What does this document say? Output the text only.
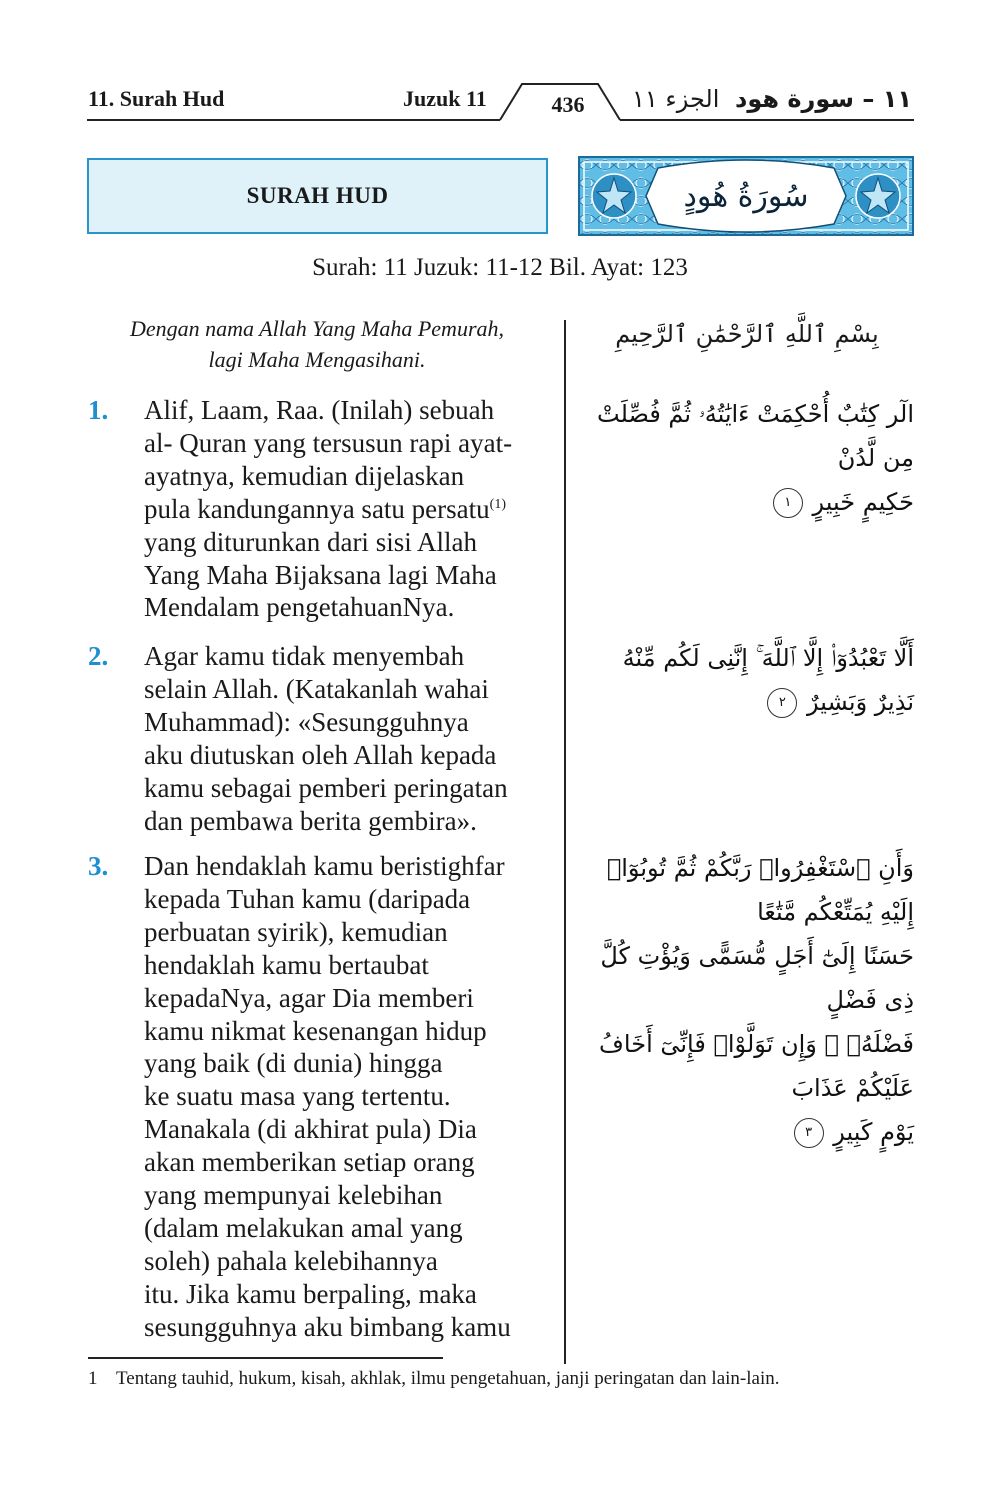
11. Surah Hud	Juzuk 11	436	الجزء ١١ ١١ – سورة هود
SURAH HUD	سُورَةُ هُودٍ
Surah: 11 Juzuk: 11-12 Bil. Ayat: 123
Dengan nama Allah Yang Maha Pemurah,
lagi Maha Mengasihani.
بِسْمِ ٱللَّهِ ٱلرَّحْمَٰنِ ٱلرَّحِيمِ
1. Alif, Laam, Raa. (Inilah) sebuah
al- Quran yang tersusun rapi ayat-
ayatnya, kemudian dijelaskan
pula kandungannya satu persatu$^{(1)}$
yang diturunkan dari sisi Allah
Yang Maha Bijaksana lagi Maha
Mendalam pengetahuanNya.
الٓر كِتَٰبٌ أُحْكِمَتْ ءَايَٰتُهُۥ ثُمَّ فُصِّلَتْ مِن لَّدُنْ
حَكِيمٍ خَبِيرٍ ١
2. Agar kamu tidak menyembah
selain Allah. (Katakanlah wahai
Muhammad): «Sesungguhnya
aku diutuskan oleh Allah kepada
kamu sebagai pemberi peringatan
dan pembawa berita gembira».
أَلَّا تَعْبُدُوٓا۟ إِلَّا ٱللَّهَ ۚ إِنَّنِى لَكُم مِّنْهُ نَذِيرٌ وَبَشِيرٌ ٢
3. Dan hendaklah kamu beristighfar
kepada Tuhan kamu (daripada
perbuatan syirik), kemudian
hendaklah kamu bertaubat
kepadaNya, agar Dia memberi
kamu nikmat kesenangan hidup
yang baik (di dunia) hingga
ke suatu masa yang tertentu.
Manakala (di akhirat pula) Dia
akan memberikan setiap orang
yang mempunyai kelebihan
(dalam melakukan amal yang
soleh) pahala kelebihannya
itu. Jika kamu berpaling, maka
sesungguhnya aku bimbang kamu
وَأَنِ ٱسْتَغْفِرُوا۟ رَبَّكُمْ ثُمَّ تُوبُوٓا۟ إِلَيْهِ يُمَتِّعْكُم مَّتَٰعًا
حَسَنًا إِلَىٰٓ أَجَلٍ مُّسَمًّى وَيُؤْتِ كُلَّ ذِى فَضْلٍ
فَضْلَهُۥ ۖ وَإِن تَوَلَّوْا۟ فَإِنِّىٓ أَخَافُ عَلَيْكُمْ عَذَابَ
يَوْمٍ كَبِيرٍ ٣
1 Tentang tauhid, hukum, kisah, akhlak, ilmu pengetahuan, janji peringatan dan lain-lain.
